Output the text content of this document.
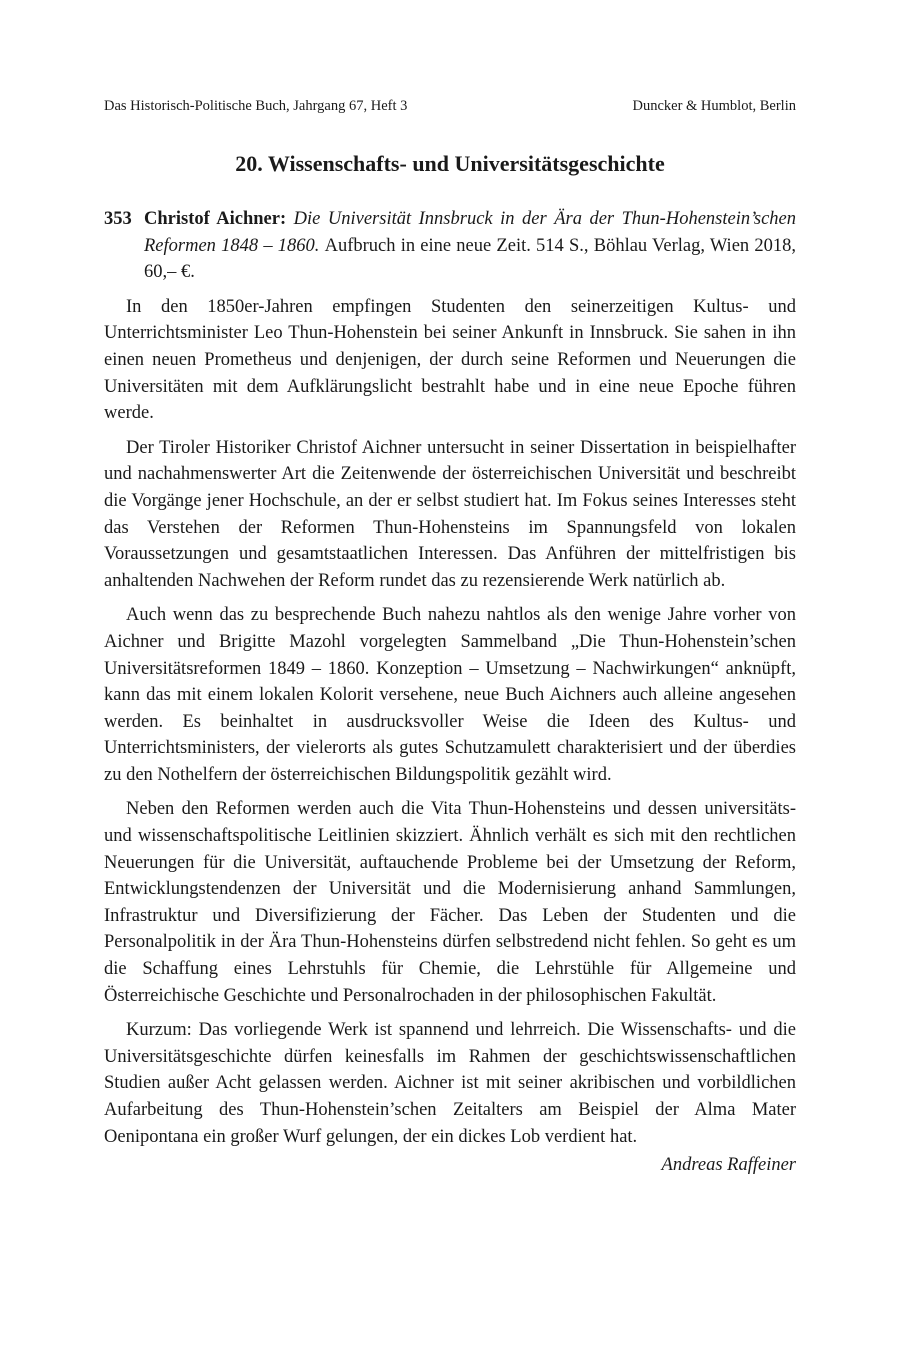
Das Historisch-Politische Buch, Jahrgang 67, Heft 3	Duncker & Humblot, Berlin
20. Wissenschafts- und Universitätsgeschichte
353 Christof Aichner: Die Universität Innsbruck in der Ära der Thun-Hohenstein’schen Reformen 1848 – 1860. Aufbruch in eine neue Zeit. 514 S., Böhlau Verlag, Wien 2018, 60,– €.

In den 1850er-Jahren empfingen Studenten den seinerzeitigen Kultus- und Unterrichtsminister Leo Thun-Hohenstein bei seiner Ankunft in Innsbruck. Sie sahen in ihn einen neuen Prometheus und denjenigen, der durch seine Reformen und Neuerungen die Universitäten mit dem Aufklärungslicht bestrahlt habe und in eine neue Epoche führen werde.

Der Tiroler Historiker Christof Aichner untersucht in seiner Dissertation in beispielhafter und nachahmenswerter Art die Zeitenwende der österreichischen Universität und beschreibt die Vorgänge jener Hochschule, an der er selbst studiert hat. Im Fokus seines Interesses steht das Verstehen der Reformen Thun-Hohensteins im Spannungsfeld von lokalen Voraussetzungen und gesamtstaatlichen Interessen. Das Anführen der mittelfristigen bis anhaltenden Nachwehen der Reform rundet das zu rezensierende Werk natürlich ab.

Auch wenn das zu besprechende Buch nahezu nahtlos als den wenige Jahre vorher von Aichner und Brigitte Mazohl vorgelegten Sammelband „Die Thun-Hohenstein’schen Universitätsreformen 1849 – 1860. Konzeption – Umsetzung – Nachwirkungen“ anknüpft, kann das mit einem lokalen Kolorit versehene, neue Buch Aichners auch alleine angesehen werden. Es beinhaltet in ausdrucksvoller Weise die Ideen des Kultus- und Unterrichtsministers, der vielerorts als gutes Schutzamulett charakterisiert und der überdies zu den Nothelfern der österreichischen Bildungspolitik gezählt wird.

Neben den Reformen werden auch die Vita Thun-Hohensteins und dessen universitäts- und wissenschaftspolitische Leitlinien skizziert. Ähnlich verhält es sich mit den rechtlichen Neuerungen für die Universität, auftauchende Probleme bei der Umsetzung der Reform, Entwicklungstendenzen der Universität und die Modernisierung anhand Sammlungen, Infrastruktur und Diversifizierung der Fächer. Das Leben der Studenten und die Personalpolitik in der Ära Thun-Hohensteins dürfen selbstredend nicht fehlen. So geht es um die Schaffung eines Lehrstuhls für Chemie, die Lehrstühle für Allgemeine und Österreichische Geschichte und Personalrochaden in der philosophischen Fakultät.

Kurzum: Das vorliegende Werk ist spannend und lehrreich. Die Wissenschafts- und die Universitätsgeschichte dürfen keinesfalls im Rahmen der geschichtswissenschaftlichen Studien außer Acht gelassen werden. Aichner ist mit seiner akribischen und vorbildlichen Aufarbeitung des Thun-Hohenstein’schen Zeitalters am Beispiel der Alma Mater Oenipontana ein großer Wurf gelungen, der ein dickes Lob verdient hat.

Andreas Raffeiner
